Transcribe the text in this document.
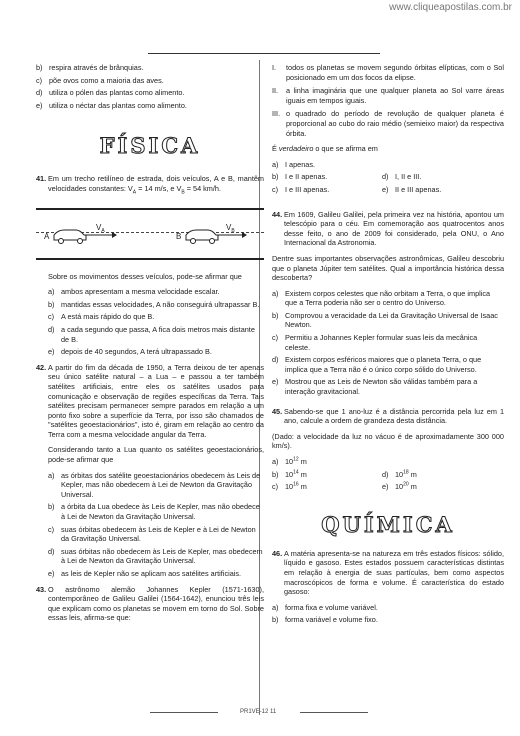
www.cliqueapostilas.com.br
b) respira através de brânquias.
c) põe ovos como a maioria das aves.
d) utiliza o pólen das plantas como alimento.
e) utiliza o néctar das plantas como alimento.
FÍSICA
41. Em um trecho retilíneo de estrada, dois veículos, A e B, mantêm velocidades constantes: $V_A = 14$ m/s, e $V_B = 54$ km/h.
A	B
$V_A$	$V_B$

Sobre os movimentos desses veículos, pode-se afirmar que

a) ambos apresentam a mesma velocidade escalar.
b) mantidas essas velocidades, A não conseguirá ultrapassar B.
c) A está mais rápido do que B.
d) a cada segundo que passa, A fica dois metros mais distante de B.
e) depois de 40 segundos, A terá ultrapassado B.
42. A partir do fim da década de 1950, a Terra deixou de ter apenas seu único satélite natural – a Lua – e passou a ter também satélites artificiais, entre eles os satélites usados para comunicação e observação de regiões específicas da Terra. Tais satélites precisam permanecer sempre parados em relação a um ponto fixo sobre a superfície da Terra, por isso são chamados de "satélites geoestacionários", isto é, giram em relação ao centro da Terra com a mesma velocidade angular da Terra.

Considerando tanto a Lua quanto os satélites geoestacionários, pode-se afirmar que

a) as órbitas dos satélite geoestacionários obedecem às Leis de Kepler, mas não obedecem à Lei de Newton da Gravitação Universal.
b) a órbita da Lua obedece às Leis de Kepler, mas não obedece à Lei de Newton da Gravitação Universal.
c) suas órbitas obedecem às Leis de Kepler e à Lei de Newton da Gravitação Universal.
d) suas órbitas não obedecem às Leis de Kepler, mas obedecem à Lei de Newton da Gravitação Universal.
e) as leis de Kepler não se aplicam aos satélites artificiais.
43. O astrônomo alemão Johannes Kepler (1571-1630), contemporâneo de Galileu Galilei (1564-1642), enunciou três leis que explicam como os planetas se movem em torno do Sol. Sobre essas leis, afirma-se que:
I.	todos os planetas se movem segundo órbitas elípticas, com o Sol posicionado em um dos focos da elipse.
II.	a linha imaginária que une qualquer planeta ao Sol varre áreas iguais em tempos iguais.
III. o quadrado do período de revolução de qualquer planeta é proporcional ao cubo do raio médio (semieixo maior) da respectiva órbita.

É verdadeiro o que se afirma em

a) I apenas.
b) I e II apenas.	d) I, II e III.
c) I e III apenas.	e) II e III apenas.
44. Em 1609, Galileu Galilei, pela primeira vez na história, apontou um telescópio para o céu. Em comemoração aos quatrocentos anos desse feito, o ano de 2009 foi considerado, pela ONU, o Ano Internacional da Astronomia.

Dentre suas importantes observações astronômicas, Galileu descobriu que o planeta Júpiter tem satélites. Qual a importância histórica dessa descoberta?

a) Existem corpos celestes que não orbitam a Terra, o que implica que a Terra poderia não ser o centro do Universo.
b) Comprovou a veracidade da Lei da Gravitação Universal de Isaac Newton.
c) Permitiu a Johannes Kepler formular suas leis da mecânica celeste.
d) Existem corpos esféricos maiores que o planeta Terra, o que implica que a Terra não é o único corpo sólido do Universo.
e) Mostrou que as Leis de Newton são válidas também para a interação gravitacional.
45. Sabendo-se que 1 ano-luz é a distância percorrida pela luz em 1 ano, calcule a ordem de grandeza desta distância.

(Dado: a velocidade da luz no vácuo é de aproximadamente 300 000 km/s).

a) $10^{12}$ m
b) $10^{14}$ m	d) $10^{18}$ m
c) $10^{16}$ m	e) $10^{20}$ m
QUÍMICA
46. A matéria apresenta-se na natureza em três estados físicos: sólido, líquido e gasoso. Estes estados possuem características distintas em relação à energia de suas partículas, bem como aspectos macroscópicos de forma e volume. É característica do estado gasoso:
a) forma fixa e volume variável.
b) forma variável e volume fixo.
PR1VE-12 11
